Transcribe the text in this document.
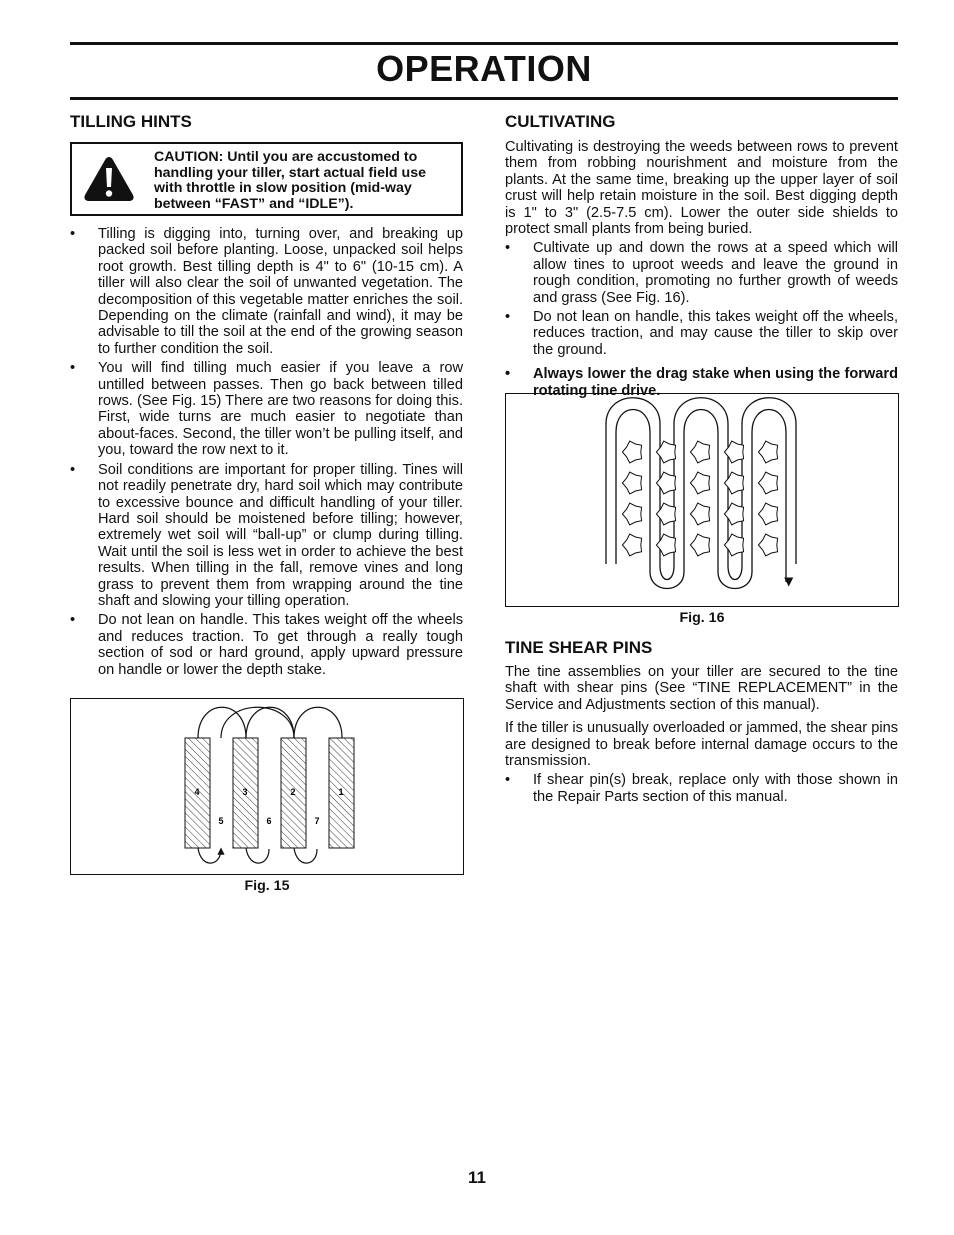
OPERATION
TILLING HINTS
CAUTION: Until you are accustomed to handling your tiller, start actual field use with throttle in slow position (mid-way between “FAST” and “IDLE”).
• Tilling is digging into, turning over, and breaking up packed soil before planting. Loose, unpacked soil helps root growth. Best tilling depth is 4" to 6" (10-15 cm). A tiller will also clear the soil of unwanted vegetation. The decomposition of this vegetable matter enriches the soil. Depending on the climate (rainfall and wind), it may be advisable to till the soil at the end of the growing season to further condition the soil.
• You will find tilling much easier if you leave a row untilled between passes. Then go back between tilled rows. (See Fig. 15) There are two reasons for doing this. First, wide turns are much easier to negotiate than about-faces. Second, the tiller won’t be pulling itself, and you, toward the row next to it.
• Soil conditions are important for proper tilling. Tines will not readily penetrate dry, hard soil which may contribute to excessive bounce and difficult handling of your tiller. Hard soil should be moistened before tilling; however, extremely wet soil will “ball-up” or clump during tilling. Wait until the soil is less wet in order to achieve the best results. When tilling in the fall, remove vines and long grass to prevent them from wrapping around the tine shaft and slowing your tilling operation.
• Do not lean on handle. This takes weight off the wheels and reduces traction. To get through a really tough section of sod or hard ground, apply upward pressure on handle or lower the depth stake.
4	3	2	1
5	6	7
Fig. 15
CULTIVATING

Cultivating is destroying the weeds between rows to prevent them from robbing nourishment and moisture from the plants. At the same time, breaking up the upper layer of soil crust will help retain moisture in the soil. Best digging depth is 1" to 3" (2.5-7.5 cm). Lower the outer side shields to protect small plants from being buried.

• Cultivate up and down the rows at a speed which will allow tines to uproot weeds and leave the ground in rough condition, promoting no further growth of weeds and grass (See Fig. 16).
• Do not lean on handle, this takes weight off the wheels, reduces traction, and may cause the tiller to skip over the ground.
• Always lower the drag stake when using the forward rotating tine drive.
Fig. 16
TINE SHEAR PINS

The tine assemblies on your tiller are secured to the tine shaft with shear pins (See “TINE REPLACEMENT” in the Service and Adjustments section of this manual).

If the tiller is unusually overloaded or jammed, the shear pins are designed to break before internal damage occurs to the transmission.

• If shear pin(s) break, replace only with those shown in the Repair Parts section of this manual.
11
